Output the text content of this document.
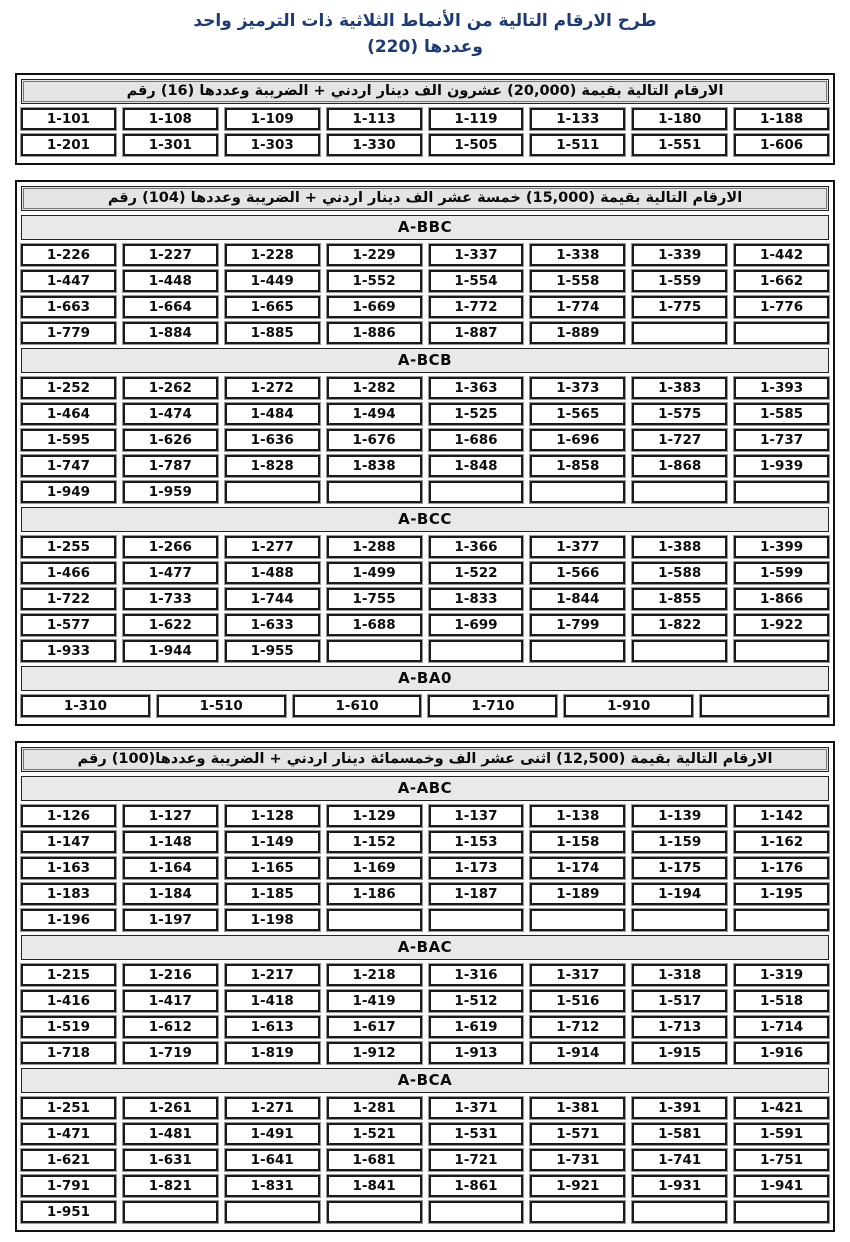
طرح الارقام التالية من الأنماط الثلاثية ذات الترميز واحد
وعددها (220)
الارقام التالية بقيمة (20,000) عشرون الف دينار اردني + الضريبة وعددها (16) رقم
1-101	1-108	1-109	1-113	1-119	1-133	1-180	1-188
1-201	1-301	1-303	1-330	1-505	1-511	1-551	1-606
الارقام التالية بقيمة (15,000) خمسة عشر الف دينار اردني + الضريبة وعددها (104) رقم
A-BBC
1-226	1-227	1-228	1-229	1-337	1-338	1-339	1-442
1-447	1-448	1-449	1-552	1-554	1-558	1-559	1-662
1-663	1-664	1-665	1-669	1-772	1-774	1-775	1-776
1-779	1-884	1-885	1-886	1-887	1-889
A-BCB
1-252	1-262	1-272	1-282	1-363	1-373	1-383	1-393
1-464	1-474	1-484	1-494	1-525	1-565	1-575	1-585
1-595	1-626	1-636	1-676	1-686	1-696	1-727	1-737
1-747	1-787	1-828	1-838	1-848	1-858	1-868	1-939
1-949	1-959
A-BCC
1-255	1-266	1-277	1-288	1-366	1-377	1-388	1-399
1-466	1-477	1-488	1-499	1-522	1-566	1-588	1-599
1-722	1-733	1-744	1-755	1-833	1-844	1-855	1-866
1-577	1-622	1-633	1-688	1-699	1-799	1-822	1-922
1-933	1-944	1-955
A-BA0
1-310	1-510	1-610	1-710	1-910
الارقام التالية بقيمة (12,500) اثنى عشر الف وخمسمائة دينار اردني + الضريبة وعددها(100) رقم
A-ABC
1-126	1-127	1-128	1-129	1-137	1-138	1-139	1-142
1-147	1-148	1-149	1-152	1-153	1-158	1-159	1-162
1-163	1-164	1-165	1-169	1-173	1-174	1-175	1-176
1-183	1-184	1-185	1-186	1-187	1-189	1-194	1-195
1-196	1-197	1-198
A-BAC
1-215	1-216	1-217	1-218	1-316	1-317	1-318	1-319
1-416	1-417	1-418	1-419	1-512	1-516	1-517	1-518
1-519	1-612	1-613	1-617	1-619	1-712	1-713	1-714
1-718	1-719	1-819	1-912	1-913	1-914	1-915	1-916
A-BCA
1-251	1-261	1-271	1-281	1-371	1-381	1-391	1-421
1-471	1-481	1-491	1-521	1-531	1-571	1-581	1-591
1-621	1-631	1-641	1-681	1-721	1-731	1-741	1-751
1-791	1-821	1-831	1-841	1-861	1-921	1-931	1-941
1-951
